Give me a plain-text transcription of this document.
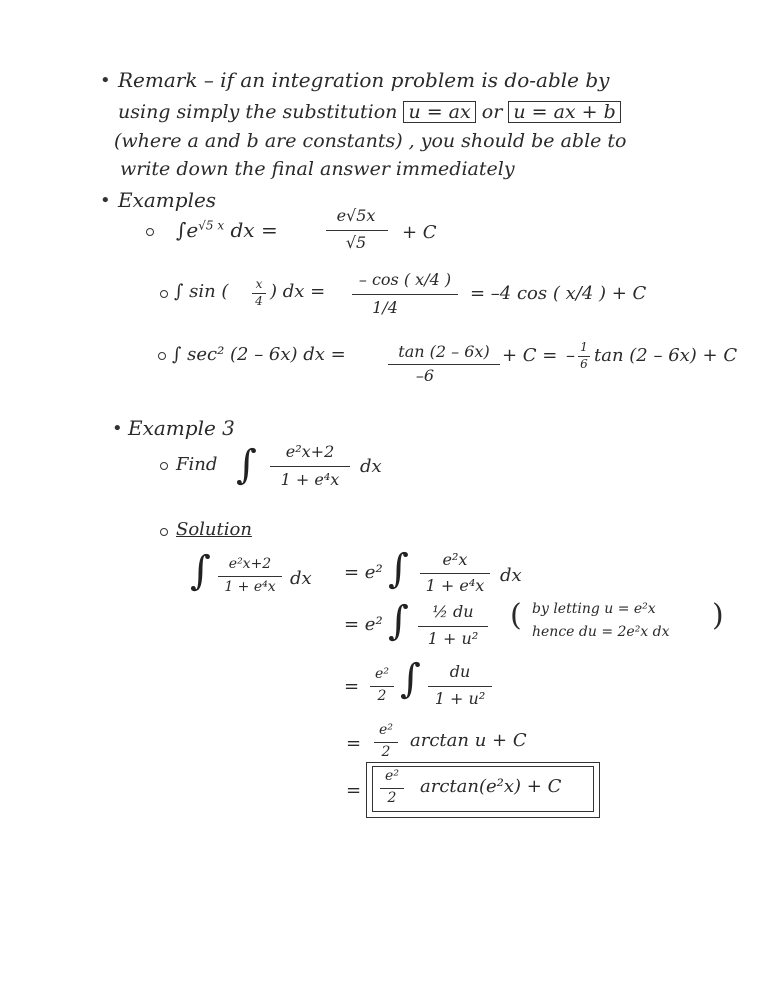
• Remark – if an integration problem is do-able by
using simply the substitution u = ax or u = ax + b
(where a and b are constants) , you should be able to
write down the final answer immediately
• Examples
$\int e^{√5 x}$ dx =
e√5x
√5	+ C
∫ sin (	x
4 ) dx =
– cos ( x/4 )
1/4
= –4 cos ( x/4 ) + C
∫ sec² (2 – 6x) dx =	tan (2 – 6x)
–6
+ C = – 1
6 tan (2 – 6x) + C
• Example 3
Find ∫	e²x+2
1 + e⁴x
dx
Solution
∫	e²x+2
1 + e⁴x dx = e² ∫	e²x
1 + e⁴x dx
= e² ∫	½ du
1 + u²
( by letting u = e²x
hence du = 2e²x dx )
=
e²
2 ∫	du
1 + u²
=
e²
2
arctan u + C
=
e²
2
arctan(e²x) + C
